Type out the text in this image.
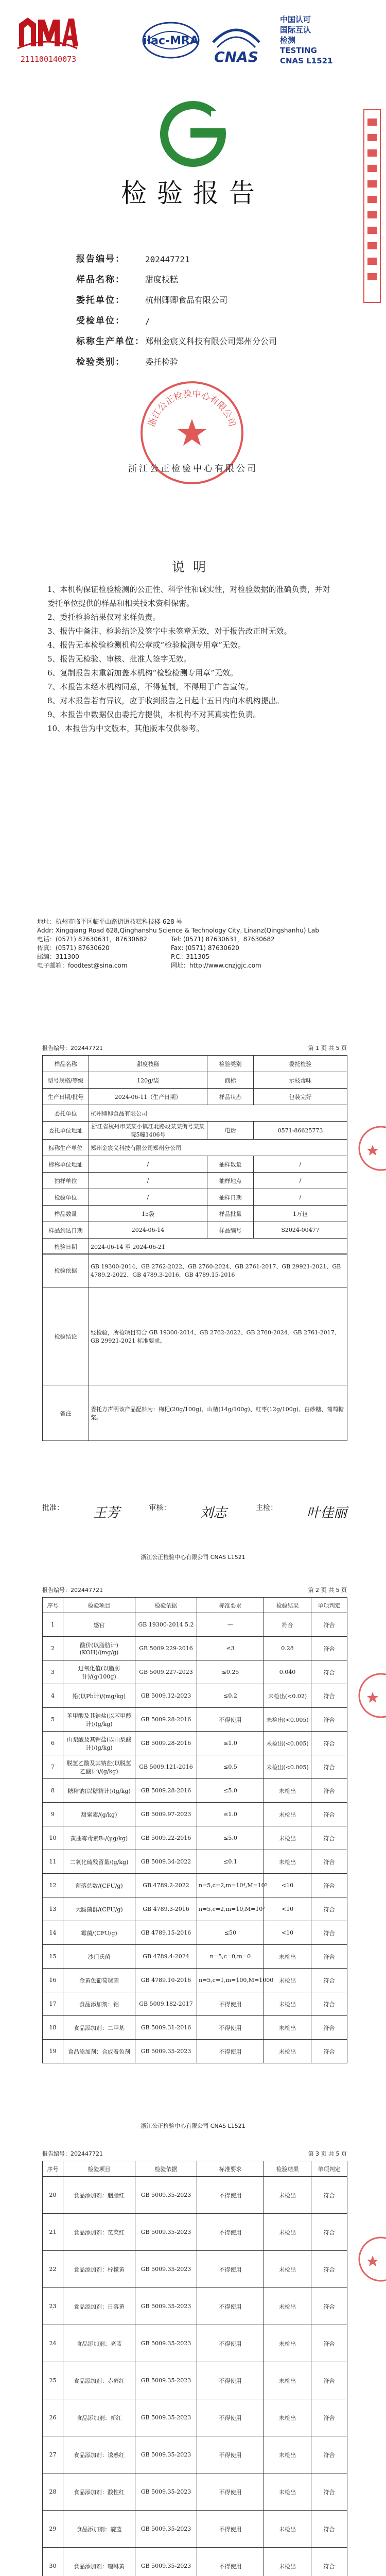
211100140073
ilac-MRA
CNAS
中国认可
国际互认
检测
TESTING
CNAS L1521
检验报告
报告编号：	202447721
样品名称：	甜度枝糕
委托单位：	杭州卿卿食品有限公司
受检单位：	/
标称生产单位： 郑州金宸义科技有限公司郑州分公司
检验类别：	委托检验
浙江公正检验中心有限公司
浙江公正检验中心有限公司
说明

1、本机构保证检验检测的公正性、科学性和诚实性，对检验数据的准确负责，并对委托单位提供的样品和相关技术资料保密。

2、委托检验结果仅对来样负责。

3、报告中备注、检验结论及签字中未签章无效，对于报告改正时无效。

4、报告无本检验检测机构公章或“检验检测专用章”无效。

5、报告无检验、审核、批准人签字无效。

6、复制报告未重新加盖本机构“检验检测专用章”无效。

7、本报告未经本机构同意，不得复制，不得用于广告宣传。

8、对本报告若有异议，应于收到报告之日起十五日内向本机构提出。

9、本报告中数据仅由委托方提供，本机构不对其真实性负责。

10、本报告为中文版本，其他版本仅供参考。

地址：杭州市临平区临平山路街道枝糕科技楼 628 号
Addr: Xingqiang Road 628,Qinghanshu Science & Technology City, Linanz(Qingshanhu) Lab
电话：(0571) 87630631，87630682	Tel: (0571) 87630631，87630682
传真：(0571) 87630620	Fax: (0571) 87630620
邮编：311300	P.C.: 311305
电子邮箱：foodtest@sina.com	网址：http://www.cnzjgjc.com
报告编号：202447721	第 1 页 共 5 页
样品名称	甜度枝糕	检验类别	委托检验
型号规格/等级	120g/袋	商标	示枝毒味
生产日期/批号	2024-06-11（生产日期）	样品状态	包装完好
委托单位	杭州卿卿食品有限公司		
委托单位地址	浙江省杭州市某某小镇江北路段某某街号某某院5幢1406号	电话	0571-86625773
标称生产单位	郑州金宸义科技有限公司郑州分公司		
标称单位地址	/	抽样数量	/
抽样单位	/	抽样地点	/
检验单位	/	抽样日期	/
样品数量	15袋	样品批量	1万包
样品到达日期	2024-06-14	样品编号	S2024-00477
检验日期	2024-06-14 至 2024-06-21		
检验依据	GB 19300-2014、GB 2762-2022、GB 2760-2024、GB 2761-2017、GB 29921-2021、GB 4789.2-2022、GB 4789.3-2016、GB 4789.15-2016
检验结论	经检验，所检项目符合 GB 19300-2014、GB 2762-2022、GB 2760-2024、GB 2761-2017、GB 29921-2021 标准要求。
备注	委托方声明该产品配料为：枸杞(20g/100g)、山楂(14g/100g)、红枣(12g/100g)、白砂糖、葡萄糖浆。
批准： 王芳	审核： 刘志	主检： 叶佳丽
浙江公正检验中心有限公司 CNAS L1521
报告编号：202447721	第 2 页 共 5 页
序号	检验项目	检验依据	标准要求	检验结果	单项判定
1	感官	GB 19300-2014 5.2	—	符合	符合
2	酸价(以脂肪计)(KOH)/(mg/g)	GB 5009.229-2016	≤3	0.28	符合
3	过氧化值(以脂肪计)/(g/100g)	GB 5009.227-2023	≤0.25	0.040	符合
4	铅(以Pb计)/(mg/kg)	GB 5009.12-2023	≤0.2	未检出(<0.02)	符合
5	苯甲酸及其钠盐(以苯甲酸计)/(g/kg)	GB 5009.28-2016	不得使用	未检出(<0.005)	符合
6	山梨酸及其钾盐(以山梨酸计)/(g/kg)	GB 5009.28-2016	≤1.0	未检出(<0.005)	符合
7	脱氢乙酸及其钠盐(以脱氢乙酸计)/(g/kg)	GB 5009.121-2016	≤0.5	未检出(<0.005)	符合
8	糖精钠(以糖精计)/(g/kg)	GB 5009.28-2016	≤5.0	未检出	符合
9	甜蜜素/(g/kg)	GB 5009.97-2023	≤1.0	未检出	符合
10	黄曲霉毒素B₁/(μg/kg)	GB 5009.22-2016	≤5.0	未检出	符合
11	二氧化硫残留量/(g/kg)	GB 5009.34-2022	≤0.1	未检出	符合
12	菌落总数/(CFU/g)	GB 4789.2-2022	n=5,c=2,m=10⁴,M=10⁵	<10	符合
13	大肠菌群/(CFU/g)	GB 4789.3-2016	n=5,c=2,m=10,M=10²	<10	符合
14	霉菌/(CFU/g)	GB 4789.15-2016	≤50	<10	符合
15	沙门氏菌	GB 4789.4-2024	n=5,c=0,m=0	未检出	符合
16	金黄色葡萄球菌	GB 4789.10-2016	n=5,c=1,m=100,M=1000	未检出	符合
17	食品添加剂：铝	GB 5009.182-2017	不得使用	未检出	符合
18	食品添加剂：二甲基	GB 5009.31-2016	不得使用	未检出	符合
19	食品添加剂：合成着色剂	GB 5009.35-2023	不得使用	未检出	符合
浙江公正检验中心有限公司 CNAS L1521
报告编号：202447721	第 3 页 共 5 页
序号	检验项目	检验依据	标准要求	检验结果	单项判定
20	食品添加剂：胭脂红	GB 5009.35-2023	不得使用	未检出	符合
21	食品添加剂：苋菜红	GB 5009.35-2023	不得使用	未检出	符合
22	食品添加剂：柠檬黄	GB 5009.35-2023	不得使用	未检出	符合
23	食品添加剂：日落黄	GB 5009.35-2023	不得使用	未检出	符合
24	食品添加剂：亮蓝	GB 5009.35-2023	不得使用	未检出	符合
25	食品添加剂：赤藓红	GB 5009.35-2023	不得使用	未检出	符合
26	食品添加剂：新红	GB 5009.35-2023	不得使用	未检出	符合
27	食品添加剂：诱惑红	GB 5009.35-2023	不得使用	未检出	符合
28	食品添加剂：酸性红	GB 5009.35-2023	不得使用	未检出	符合
29	食品添加剂：靛蓝	GB 5009.35-2023	不得使用	未检出	符合
30	食品添加剂：喹啉黄	GB 5009.35-2023	不得使用	未检出	符合
